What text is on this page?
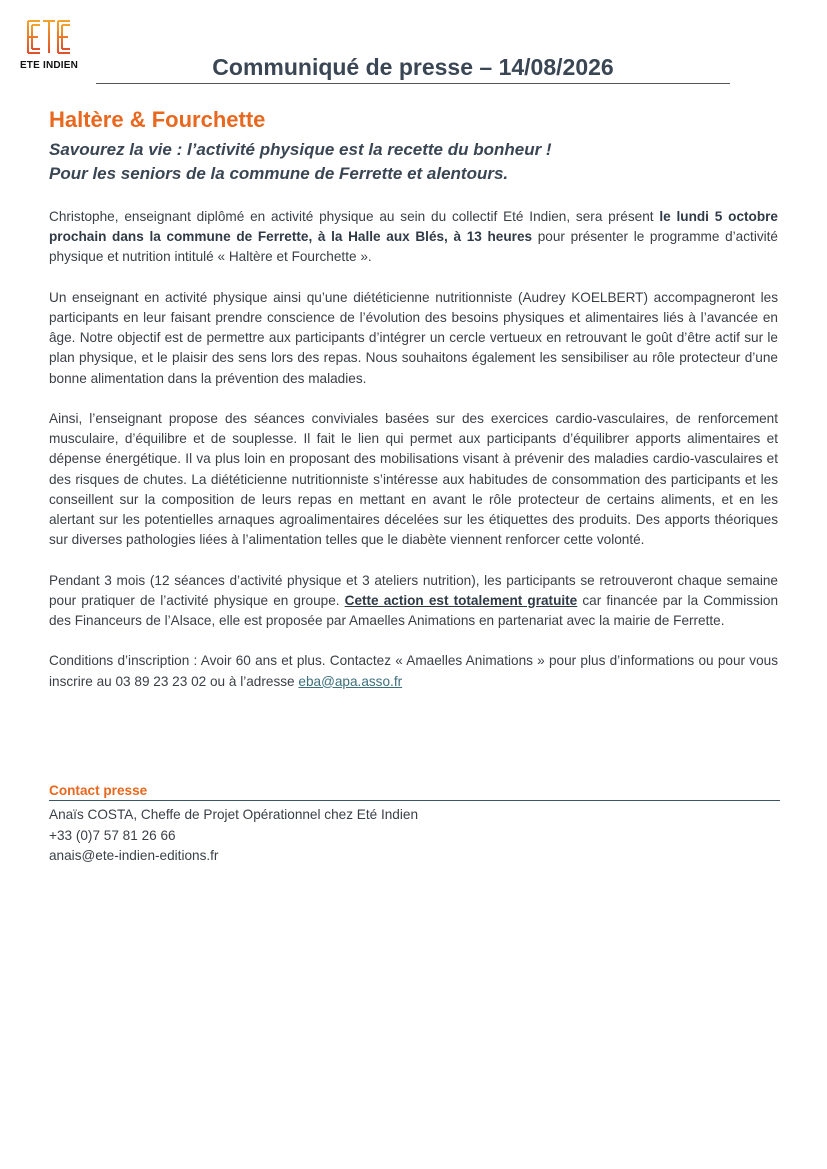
ETE INDIEN	Communiqué de presse – 14/08/2026
Haltère & Fourchette
Savourez la vie : l’activité physique est la recette du bonheur !
Pour les seniors de la commune de Ferrette et alentours.

Christophe, enseignant diplômé en activité physique au sein du collectif Eté Indien, sera présent le lundi 5 octobre prochain dans la commune de Ferrette, à la Halle aux Blés, à 13 heures pour présenter le programme d’activité physique et nutrition intitulé « Haltère et Fourchette ».

Un enseignant en activité physique ainsi qu’une diététicienne nutritionniste (Audrey KOELBERT) accompagneront les participants en leur faisant prendre conscience de l’évolution des besoins physiques et alimentaires liés à l’avancée en âge. Notre objectif est de permettre aux participants d’intégrer un cercle vertueux en retrouvant le goût d’être actif sur le plan physique, et le plaisir des sens lors des repas. Nous souhaitons également les sensibiliser au rôle protecteur d’une bonne alimentation dans la prévention des maladies.

Ainsi, l’enseignant propose des séances conviviales basées sur des exercices cardio-vasculaires, de renforcement musculaire, d’équilibre et de souplesse. Il fait le lien qui permet aux participants d’équilibrer apports alimentaires et dépense énergétique. Il va plus loin en proposant des mobilisations visant à prévenir des maladies cardio-vasculaires et des risques de chutes. La diététicienne nutritionniste s’intéresse aux habitudes de consommation des participants et les conseillent sur la composition de leurs repas en mettant en avant le rôle protecteur de certains aliments, et en les alertant sur les potentielles arnaques agroalimentaires décelées sur les étiquettes des produits. Des apports théoriques sur diverses pathologies liées à l’alimentation telles que le diabète viennent renforcer cette volonté.

Pendant 3 mois (12 séances d’activité physique et 3 ateliers nutrition), les participants se retrouveront chaque semaine pour pratiquer de l’activité physique en groupe. Cette action est totalement gratuite car financée par la Commission des Financeurs de l’Alsace, elle est proposée par Amaelles Animations en partenariat avec la mairie de Ferrette.

Conditions d’inscription : Avoir 60 ans et plus. Contactez « Amaelles Animations » pour plus d’informations ou pour vous inscrire au 03 89 23 23 02 ou à l’adresse eba@apa.asso.fr

Contact presse
Anaïs COSTA, Cheffe de Projet Opérationnel chez Eté Indien
+33 (0)7 57 81 26 66
anais@ete-indien-editions.fr
